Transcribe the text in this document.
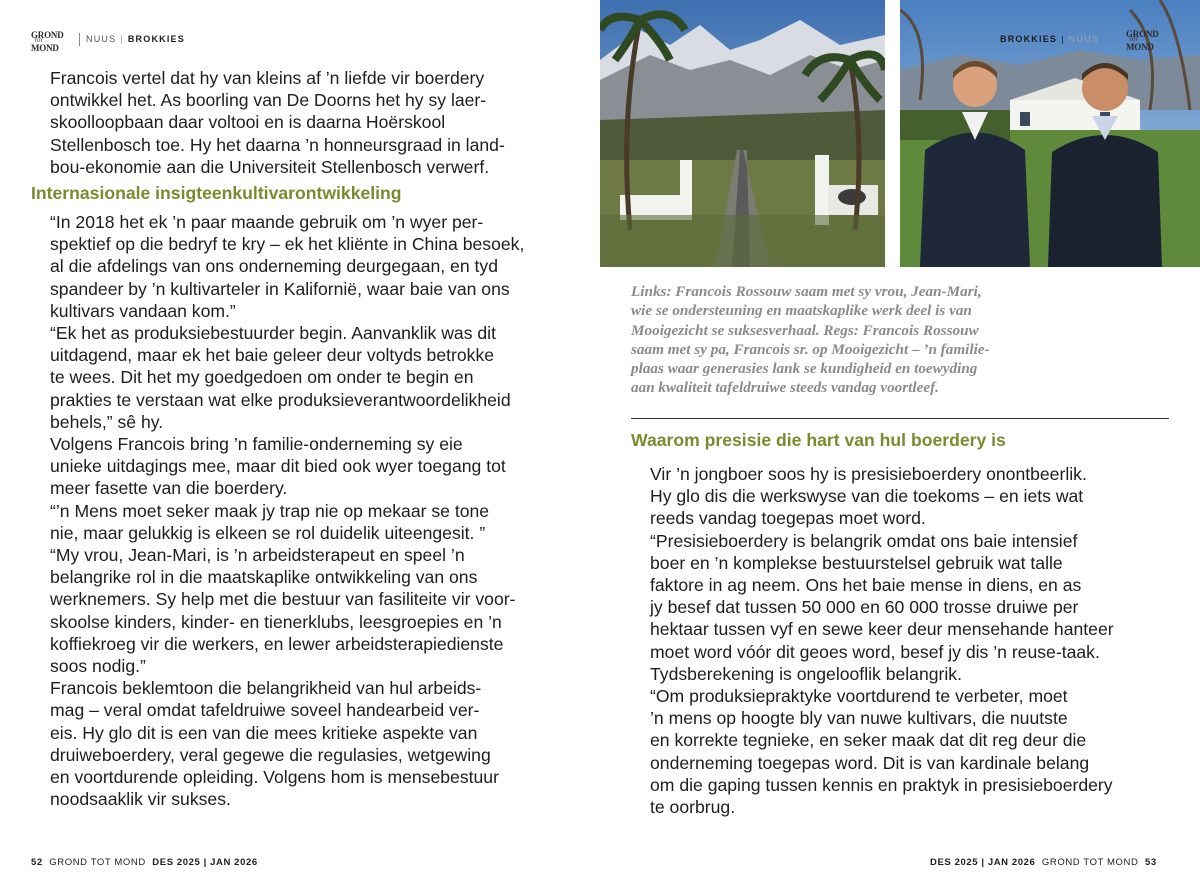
GROND
TOT
MOND
NUUS | BROKKIES

Francois vertel dat hy van kleins af ’n liefde vir boerdery
ontwikkel het. As boorling van De Doorns het hy sy laer-
skoolloopbaan daar voltooi en is daarna Hoërskool
Stellenbosch toe. Hy het daarna ’n honneursgraad in land-
bou-ekonomie aan die Universiteit Stellenbosch verwerf.

Internasionale insigteenkultivarontwikkeling

“In 2018 het ek ’n paar maande gebruik om ’n wyer per-
spektief op die bedryf te kry – ek het kliënte in China besoek,
al die afdelings van ons onderneming deurgegaan, en tyd
spandeer by ’n kultivarteler in Kalifornië, waar baie van ons
kultivars vandaan kom.”

“Ek het as produksiebestuurder begin. Aanvanklik was dit
uitdagend, maar ek het baie geleer deur voltyds betrokke
te wees. Dit het my goedgedoen om onder te begin en
prakties te verstaan wat elke produksieverantwoordelikheid
behels,” sê hy.

Volgens Francois bring ’n familie-onderneming sy eie
unieke uitdagings mee, maar dit bied ook wyer toegang tot
meer fasette van die boerdery.

“’n Mens moet seker maak jy trap nie op mekaar se tone
nie, maar gelukkig is elkeen se rol duidelik uiteengesit. ”

“My vrou, Jean-Mari, is ’n arbeidsterapeut en speel ’n
belangrike rol in die maatskaplike ontwikkeling van ons
werknemers. Sy help met die bestuur van fasiliteite vir voor-
skoolse kinders, kinder- en tienerklubs, leesgroepies en ’n
koffiekroeg vir die werkers, en lewer arbeidsterapiedienste
soos nodig.”

Francois beklemtoon die belangrikheid van hul arbeids-
mag – veral omdat tafeldruiwe soveel handearbeid ver-
eis. Hy glo dit is een van die mees kritieke aspekte van
druiweboerdery, veral gegewe die regulasies, wetgewing
en voortdurende opleiding. Volgens hom is mensebestuur
noodsaaklik vir sukses.

52 GROND TOT MOND DES 2025 | JAN 2026
BROKKIES | NUUS	GROND
TOT
MOND
Links: Francois Rossouw saam met sy vrou, Jean-Mari,
wie se ondersteuning en maatskaplike werk deel is van
Mooigezicht se suksesverhaal. Regs: Francois Rossouw
saam met sy pa, Francois sr. op Mooigezicht – ’n familie-
plaas waar generasies lank se kundigheid en toewyding
aan kwaliteit tafeldruiwe steeds vandag voortleef.
Waarom presisie die hart van hul boerdery is

Vir ’n jongboer soos hy is presisieboerdery onontbeerlik.
Hy glo dis die werkswyse van die toekoms – en iets wat
reeds vandag toegepas moet word.

“Presisieboerdery is belangrik omdat ons baie intensief
boer en ’n komplekse bestuurstelsel gebruik wat talle
faktore in ag neem. Ons het baie mense in diens, en as
jy besef dat tussen 50 000 en 60 000 trosse druiwe per
hektaar tussen vyf en sewe keer deur mensehande hanteer
moet word vóór dit geoes word, besef jy dis ’n reuse-taak.
Tydsberekening is ongelooflik belangrik.

“Om produksiepraktyke voortdurend te verbeter, moet
’n mens op hoogte bly van nuwe kultivars, die nuutste
en korrekte tegnieke, en seker maak dat dit reg deur die
onderneming toegepas word. Dit is van kardinale belang
om die gaping tussen kennis en praktyk in presisieboerdery
te oorbrug.

DES 2025 | JAN 2026 GROND TOT MOND 53
